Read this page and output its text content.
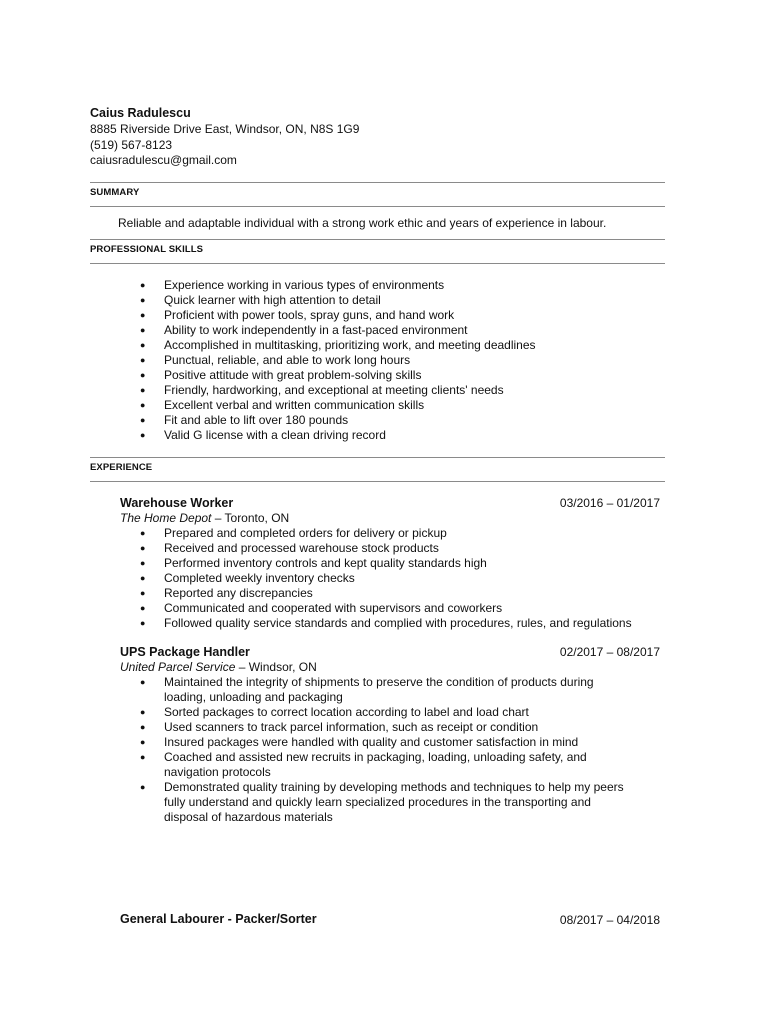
Caius Radulescu
8885 Riverside Drive East, Windsor, ON, N8S 1G9
(519) 567-8123
caiusradulescu@gmail.com
SUMMARY
Reliable and adaptable individual with a strong work ethic and years of experience in labour.
PROFESSIONAL SKILLS
● Experience working in various types of environments
● Quick learner with high attention to detail
● Proficient with power tools, spray guns, and hand work
● Ability to work independently in a fast-paced environment
● Accomplished in multitasking, prioritizing work, and meeting deadlines
● Punctual, reliable, and able to work long hours
● Positive attitude with great problem-solving skills
● Friendly, hardworking, and exceptional at meeting clients' needs
● Excellent verbal and written communication skills
● Fit and able to lift over 180 pounds
● Valid G license with a clean driving record
EXPERIENCE
Warehouse Worker	03/2016 – 01/2017
The Home Depot – Toronto, ON
● Prepared and completed orders for delivery or pickup
● Received and processed warehouse stock products
● Performed inventory controls and kept quality standards high
● Completed weekly inventory checks
● Reported any discrepancies
● Communicated and cooperated with supervisors and coworkers
● Followed quality service standards and complied with procedures, rules, and regulations
UPS Package Handler	02/2017 – 08/2017
United Parcel Service – Windsor, ON
● Maintained the integrity of shipments to preserve the condition of products during loading, unloading and packaging
● Sorted packages to correct location according to label and load chart
● Used scanners to track parcel information, such as receipt or condition
● Insured packages were handled with quality and customer satisfaction in mind
● Coached and assisted new recruits in packaging, loading, unloading safety, and navigation protocols
● Demonstrated quality training by developing methods and techniques to help my peers fully understand and quickly learn specialized procedures in the transporting and disposal of hazardous materials
General Labourer - Packer/Sorter	08/2017 – 04/2018
